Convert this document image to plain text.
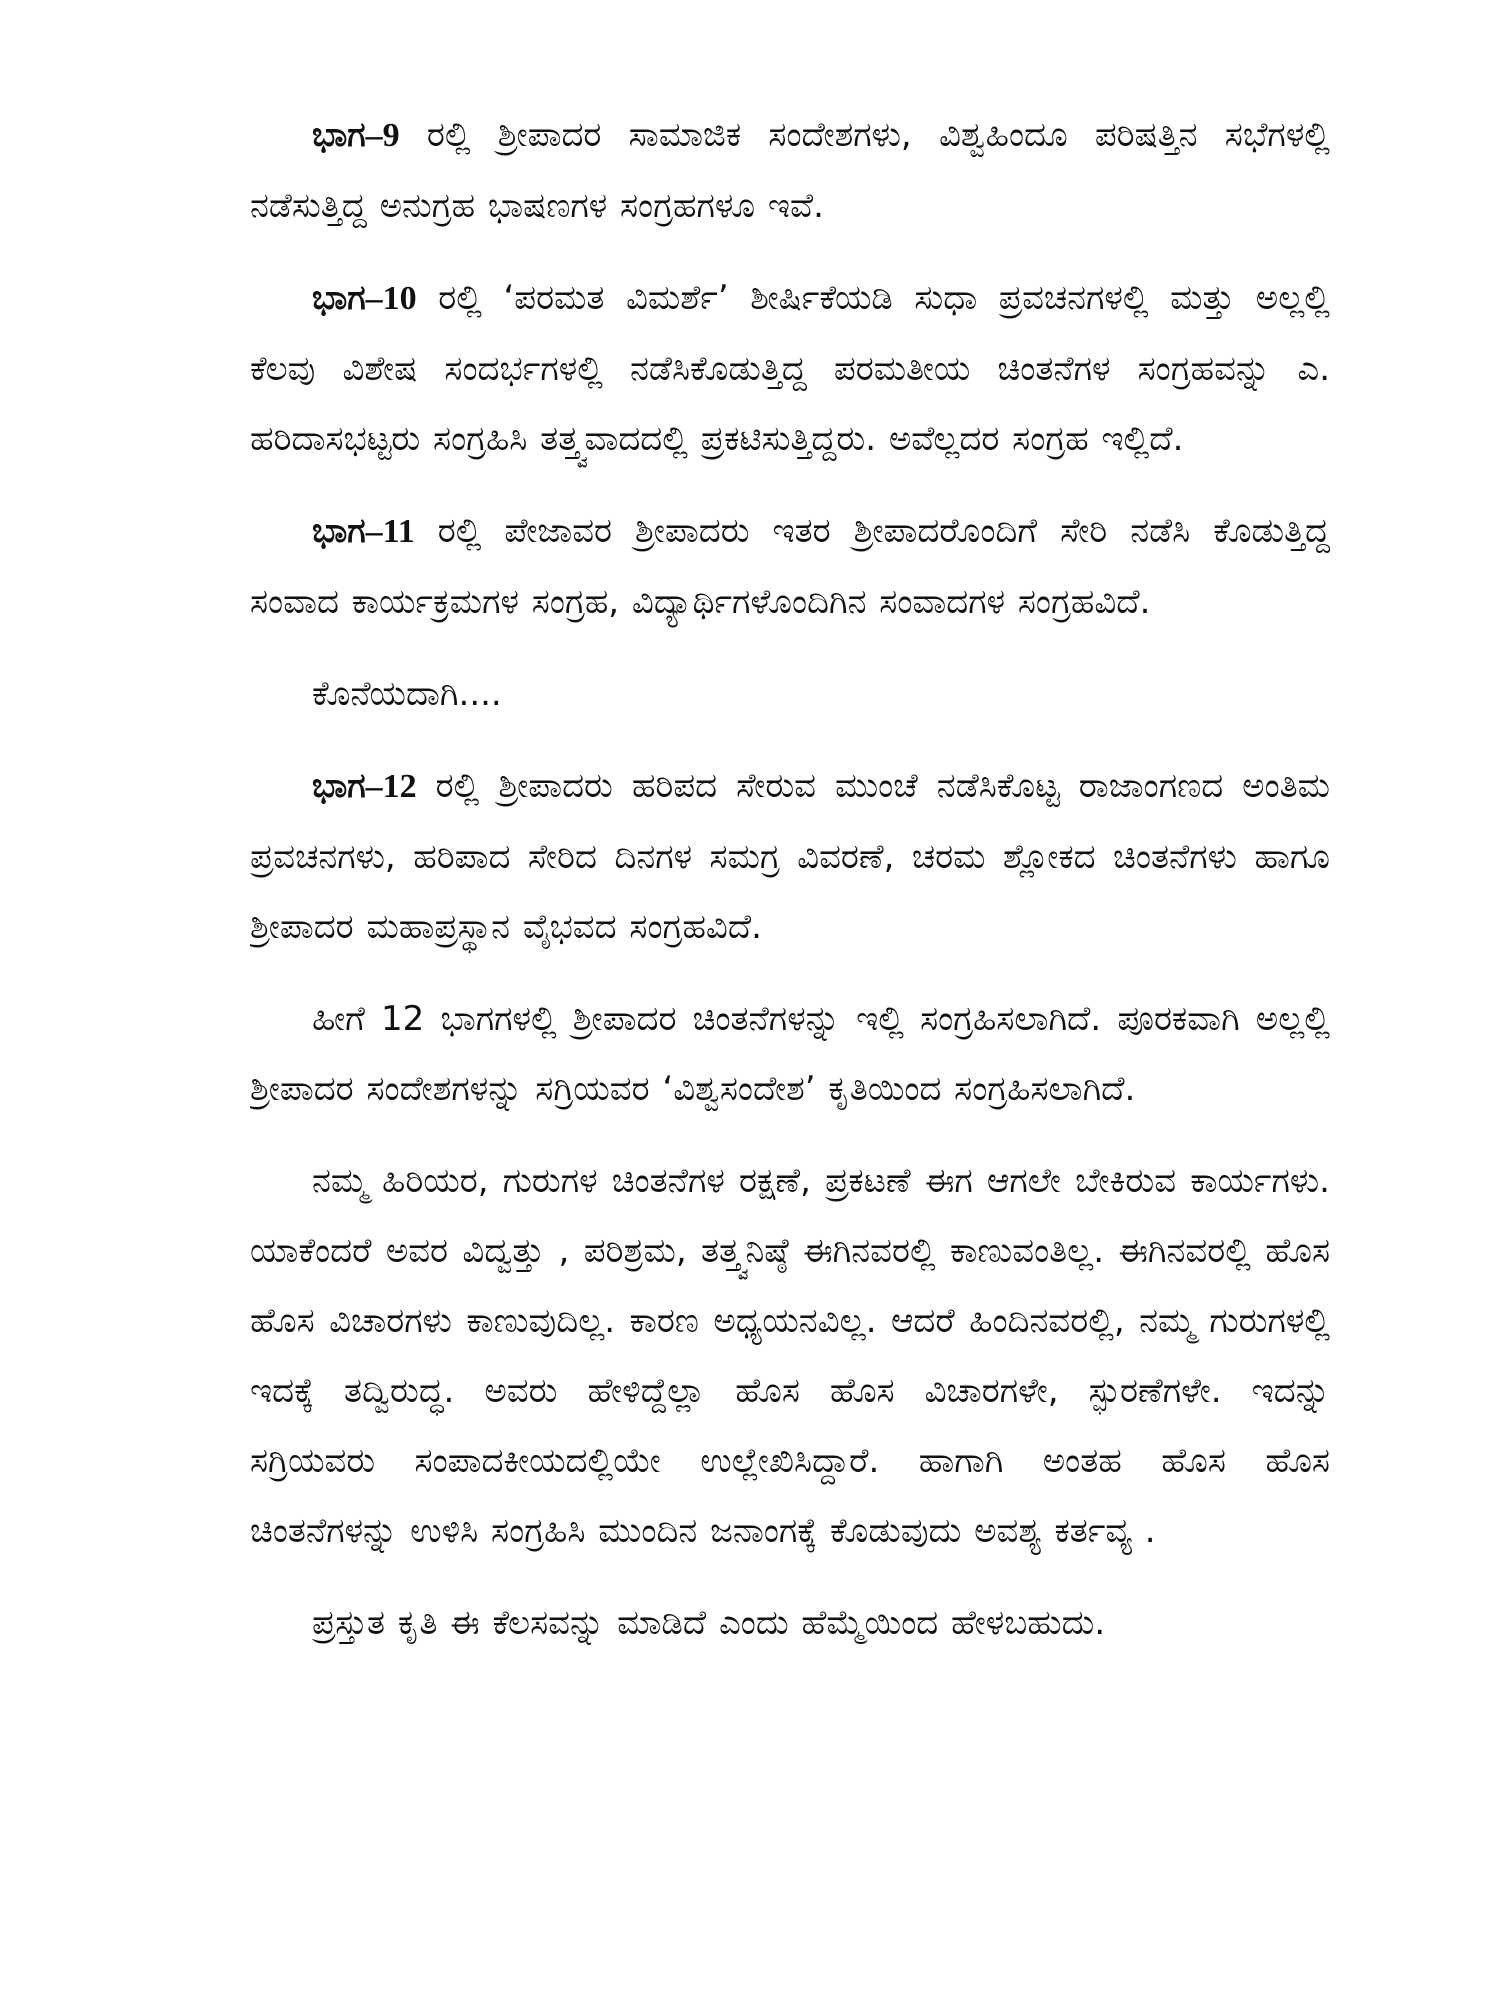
ಭಾಗ–9 ರಲ್ಲಿ ಶ್ರೀಪಾದರ ಸಾಮಾಜಿಕ ಸಂದೇಶಗಳು, ವಿಶ್ವಹಿಂದೂ ಪರಿಷತ್ತಿನ ಸಭೆಗಳಲ್ಲಿ ನಡೆಸುತ್ತಿದ್ದ ಅನುಗ್ರಹ ಭಾಷಣಗಳ ಸಂಗ್ರಹಗಳೂ ಇವೆ.

ಭಾಗ–10 ರಲ್ಲಿ ‘ಪರಮತ ವಿಮರ್ಶೆ’ ಶೀರ್ಷಿಕೆಯಡಿ ಸುಧಾ ಪ್ರವಚನಗಳಲ್ಲಿ ಮತ್ತು ಅಲ್ಲಲ್ಲಿ ಕೆಲವು ವಿಶೇಷ ಸಂದರ್ಭಗಳಲ್ಲಿ ನಡೆಸಿಕೊಡುತ್ತಿದ್ದ ಪರಮತೀಯ ಚಿಂತನೆಗಳ ಸಂಗ್ರಹವನ್ನು ಎ. ಹರಿದಾಸಭಟ್ಟರು ಸಂಗ್ರಹಿಸಿ ತತ್ತ್ವವಾದದಲ್ಲಿ ಪ್ರಕಟಿಸುತ್ತಿದ್ದರು. ಅವೆಲ್ಲದರ ಸಂಗ್ರಹ ಇಲ್ಲಿದೆ.

ಭಾಗ–11 ರಲ್ಲಿ ಪೇಜಾವರ ಶ್ರೀಪಾದರು ಇತರ ಶ್ರೀಪಾದರೊಂದಿಗೆ ಸೇರಿ ನಡೆಸಿ ಕೊಡುತ್ತಿದ್ದ ಸಂವಾದ ಕಾರ್ಯಕ್ರಮಗಳ ಸಂಗ್ರಹ, ವಿದ್ಯಾರ್ಥಿಗಳೊಂದಿಗಿನ ಸಂವಾದಗಳ ಸಂಗ್ರಹವಿದೆ.

ಕೊನೆಯದಾಗಿ....

ಭಾಗ–12 ರಲ್ಲಿ ಶ್ರೀಪಾದರು ಹರಿಪದ ಸೇರುವ ಮುಂಚೆ ನಡೆಸಿಕೊಟ್ಟ ರಾಜಾಂಗಣದ ಅಂತಿಮ ಪ್ರವಚನಗಳು, ಹರಿಪಾದ ಸೇರಿದ ದಿನಗಳ ಸಮಗ್ರ ವಿವರಣೆ, ಚರಮ ಶ್ಲೋಕದ ಚಿಂತನೆಗಳು ಹಾಗೂ ಶ್ರೀಪಾದರ ಮಹಾಪ್ರಸ್ಥಾನ ವೈಭವದ ಸಂಗ್ರಹವಿದೆ.

ಹೀಗೆ 12 ಭಾಗಗಳಲ್ಲಿ ಶ್ರೀಪಾದರ ಚಿಂತನೆಗಳನ್ನು ಇಲ್ಲಿ ಸಂಗ್ರಹಿಸಲಾಗಿದೆ. ಪೂರಕವಾಗಿ ಅಲ್ಲಲ್ಲಿ ಶ್ರೀಪಾದರ ಸಂದೇಶಗಳನ್ನು ಸಗ್ರಿಯವರ ‘ವಿಶ್ವಸಂದೇಶ’ ಕೃತಿಯಿಂದ ಸಂಗ್ರಹಿಸಲಾಗಿದೆ.

ನಮ್ಮ ಹಿರಿಯರ, ಗುರುಗಳ ಚಿಂತನೆಗಳ ರಕ್ಷಣೆ, ಪ್ರಕಟಣೆ ಈಗ ಆಗಲೇ ಬೇಕಿರುವ ಕಾರ್ಯಗಳು. ಯಾಕೆಂದರೆ ಅವರ ವಿದ್ವತ್ತು , ಪರಿಶ್ರಮ, ತತ್ತ್ವನಿಷ್ಠೆ ಈಗಿನವರಲ್ಲಿ ಕಾಣುವಂತಿಲ್ಲ. ಈಗಿನವರಲ್ಲಿ ಹೊಸ ಹೊಸ ವಿಚಾರಗಳು ಕಾಣುವುದಿಲ್ಲ. ಕಾರಣ ಅಧ್ಯಯನವಿಲ್ಲ. ಆದರೆ ಹಿಂದಿನವರಲ್ಲಿ, ನಮ್ಮ ಗುರುಗಳಲ್ಲಿ ಇದಕ್ಕೆ ತದ್ವಿರುದ್ಧ. ಅವರು ಹೇಳಿದ್ದೆಲ್ಲಾ ಹೊಸ ಹೊಸ ವಿಚಾರಗಳೇ, ಸ್ಫುರಣೆಗಳೇ. ಇದನ್ನು ಸಗ್ರಿಯವರು ಸಂಪಾದಕೀಯದಲ್ಲಿಯೇ ಉಲ್ಲೇಖಿಸಿದ್ದಾರೆ. ಹಾಗಾಗಿ ಅಂತಹ ಹೊಸ ಹೊಸ ಚಿಂತನೆಗಳನ್ನು ಉಳಿಸಿ ಸಂಗ್ರಹಿಸಿ ಮುಂದಿನ ಜನಾಂಗಕ್ಕೆ ಕೊಡುವುದು ಅವಶ್ಯ ಕರ್ತವ್ಯ .

ಪ್ರಸ್ತುತ ಕೃತಿ ಈ ಕೆಲಸವನ್ನು ಮಾಡಿದೆ ಎಂದು ಹೆಮ್ಮೆಯಿಂದ ಹೇಳಬಹುದು.
